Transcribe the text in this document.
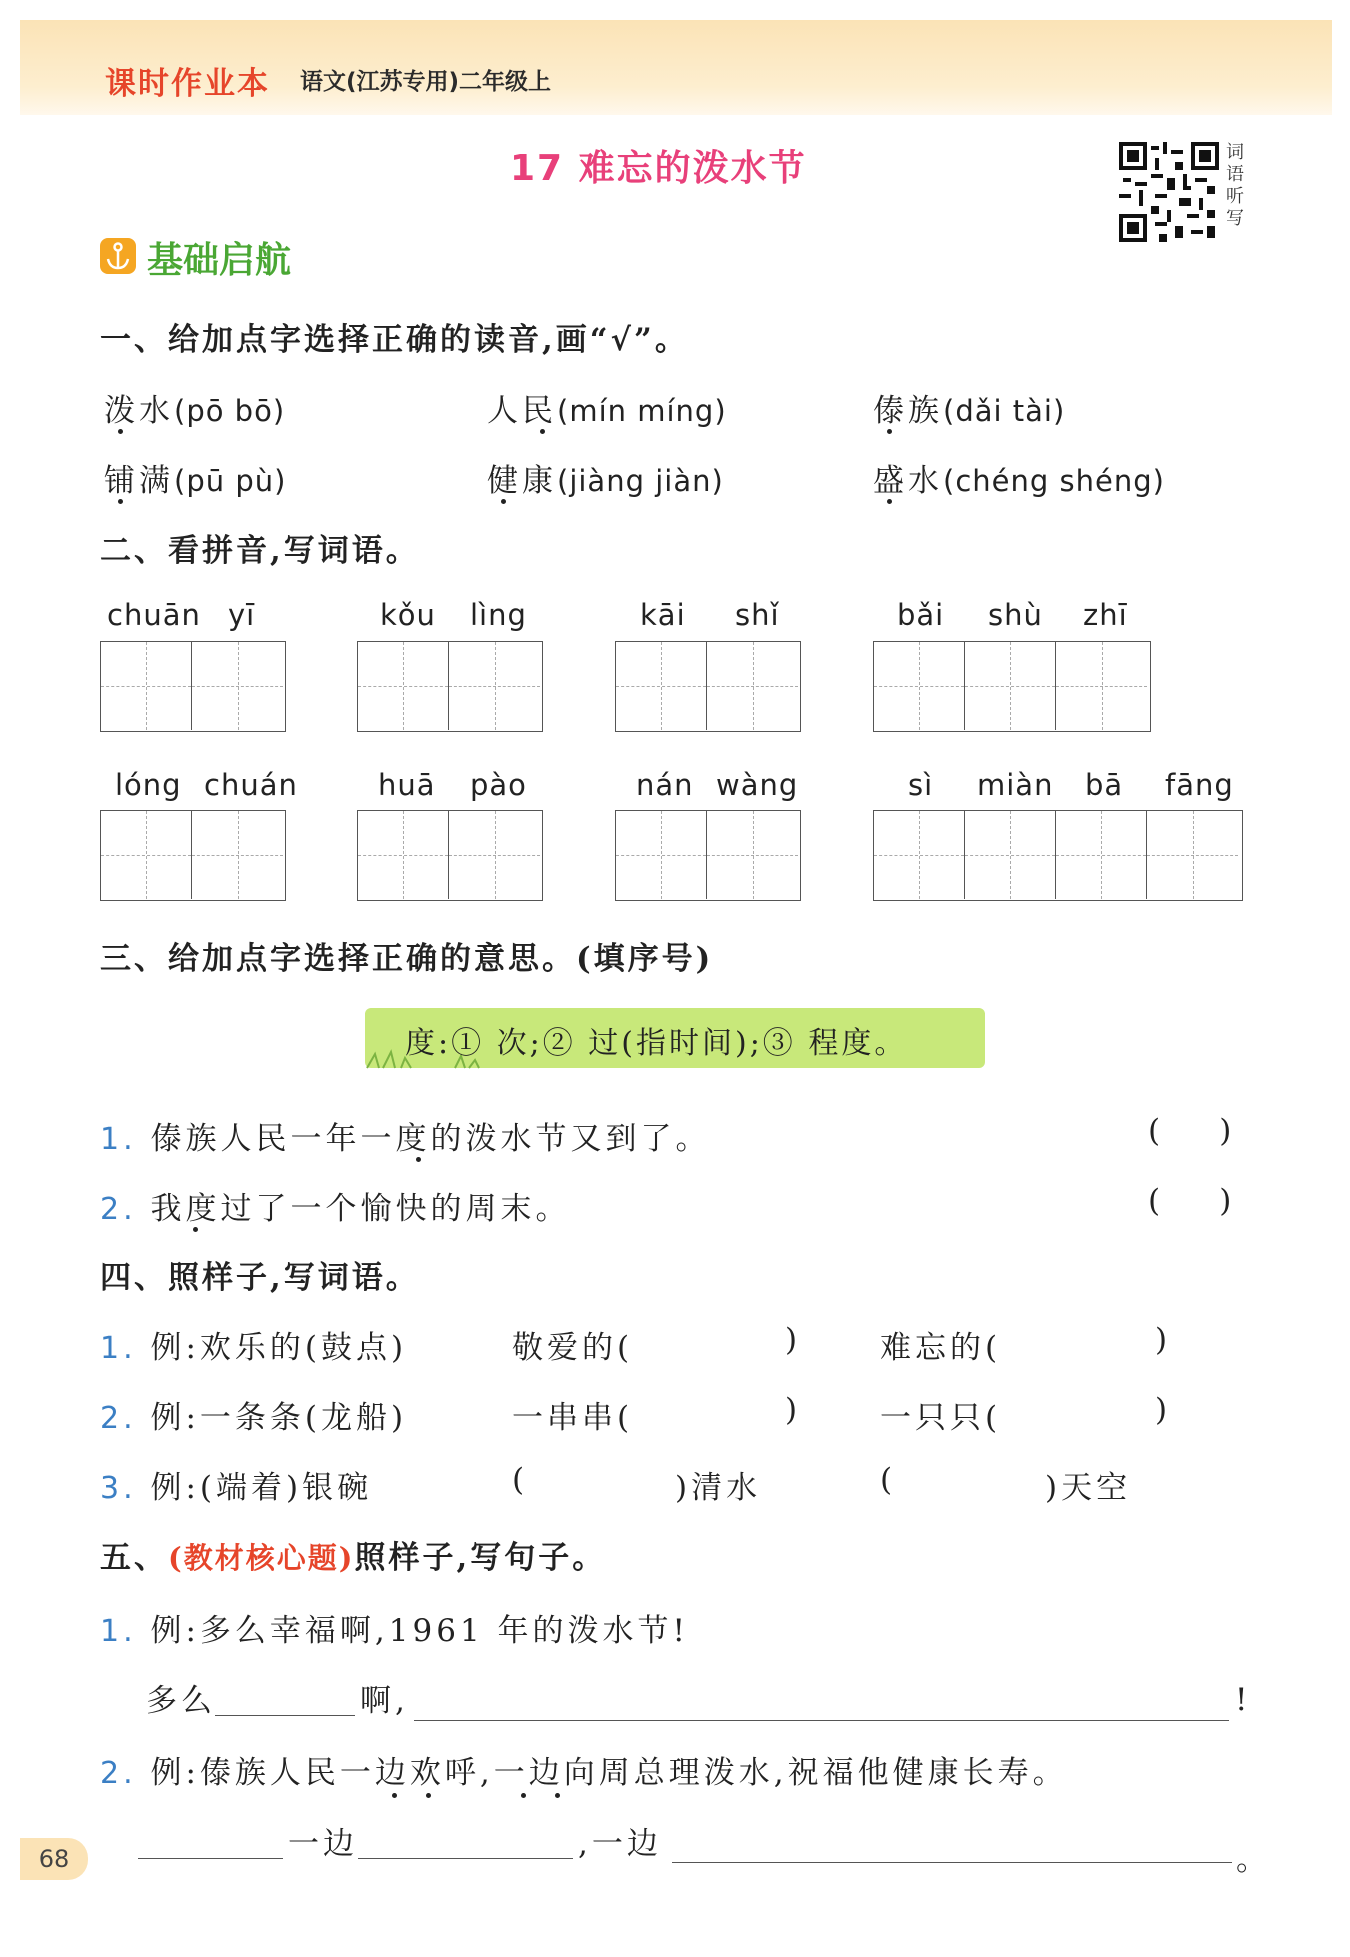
课时作业本 语文(江苏专用)二年级上
17 难忘的泼水节	词语听写
基础启航
一、给加点字选择正确的读音,画“√”。
泼水(pō bō)	人民(mín míng)	傣族(dǎi tài)
铺满(pū pù)	健康(jiàng jiàn)	盛水(chéng shéng)
二、看拼音,写词语。
chuān yī	kǒu lìng	kāi shǐ	bǎi shù zhī
lóng chuán	huā pào	nán wàng	sì miàn bā fāng
三、给加点字选择正确的意思。(填序号)
度:① 次;② 过(指时间);③ 程度。
1. 傣族人民一年一度的泼水节又到了。	(      )
2. 我度过了一个愉快的周末。	(      )
四、照样子,写词语。
1. 例:欢乐的(鼓点)	敬爱的(	)	难忘的(	)
2. 例:一条条(龙船)	一串串(	)	一只只(	)
3. 例:(端着)银碗	(	)清水	(	)天空
五、(教材核心题)照样子,写句子。
1. 例:多么幸福啊,1961 年的泼水节!
多么	啊,	!
2. 例:傣族人民一边欢呼,一边向周总理泼水,祝福他健康长寿。
一边	,一边	。
68
